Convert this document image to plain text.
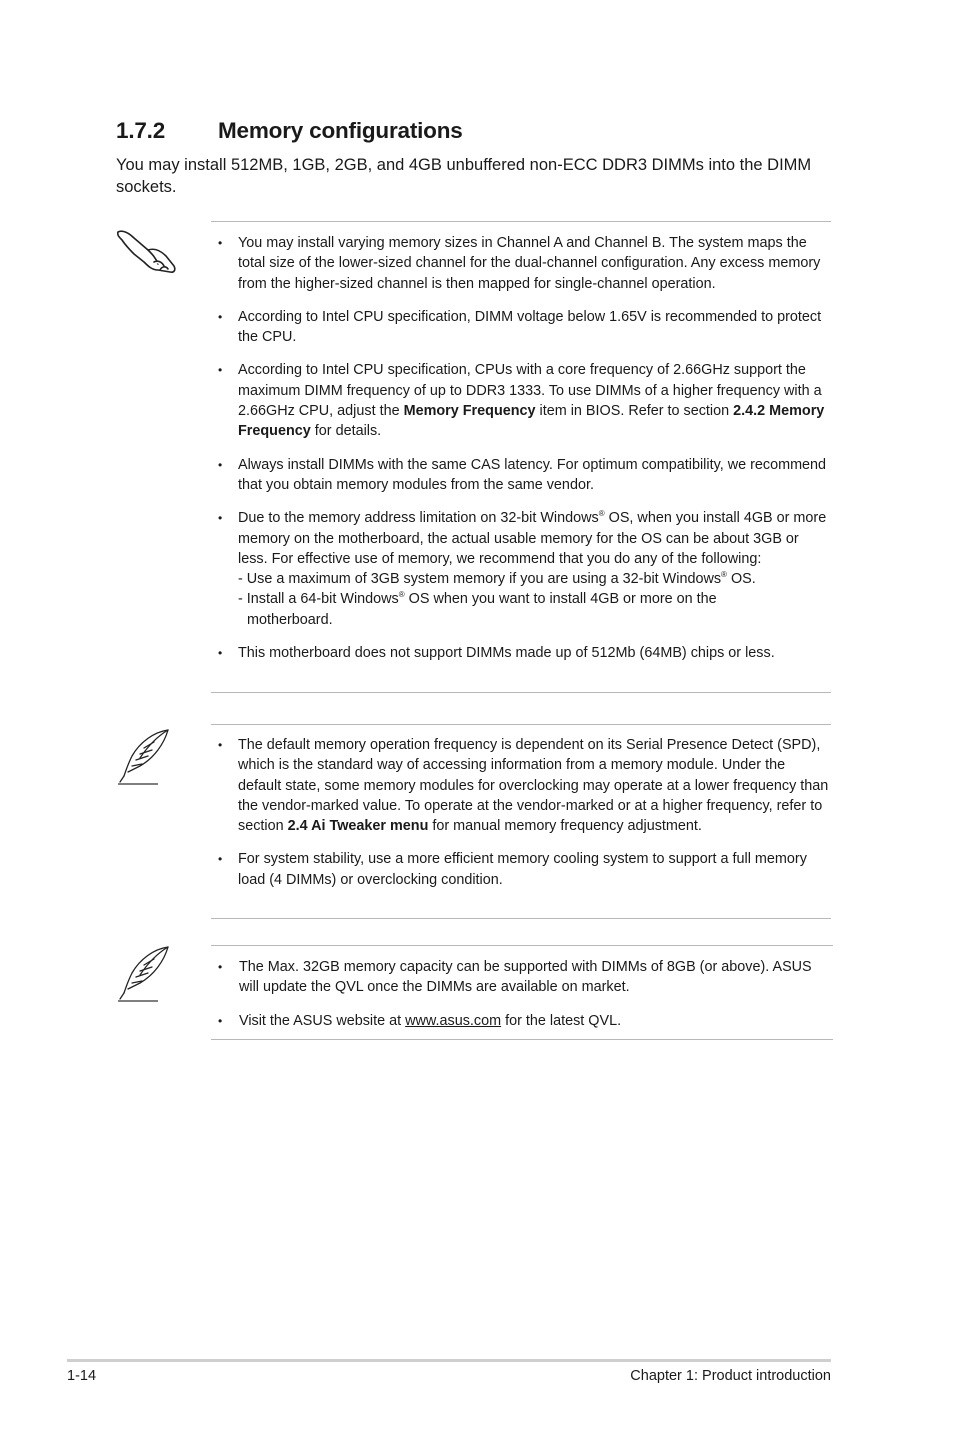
1.7.2 Memory configurations

You may install 512MB, 1GB, 2GB, and 4GB unbuffered non-ECC DDR3 DIMMs into the DIMM sockets.

• You may install varying memory sizes in Channel A and Channel B. The system maps the total size of the lower-sized channel for the dual-channel configuration. Any excess memory from the higher-sized channel is then mapped for single-channel operation.
• According to Intel CPU specification, DIMM voltage below 1.65V is recommended to protect the CPU.
• According to Intel CPU specification, CPUs with a core frequency of 2.66GHz support the maximum DIMM frequency of up to DDR3 1333. To use DIMMs of a higher frequency with a 2.66GHz CPU, adjust the Memory Frequency item in BIOS. Refer to section 2.4.2 Memory Frequency for details.
• Always install DIMMs with the same CAS latency. For optimum compatibility, we recommend that you obtain memory modules from the same vendor.
• Due to the memory address limitation on 32-bit Windows® OS, when you install 4GB or more memory on the motherboard, the actual usable memory for the OS can be about 3GB or less. For effective use of memory, we recommend that you do any of the following:
- Use a maximum of 3GB system memory if you are using a 32-bit Windows® OS.
- Install a 64-bit Windows® OS when you want to install 4GB or more on the
motherboard.
• This motherboard does not support DIMMs made up of 512Mb (64MB) chips or less.
• The default memory operation frequency is dependent on its Serial Presence Detect (SPD), which is the standard way of accessing information from a memory module. Under the default state, some memory modules for overclocking may operate at a lower frequency than the vendor-marked value. To operate at the vendor-marked or at a higher frequency, refer to section 2.4 Ai Tweaker menu for manual memory frequency adjustment.
• For system stability, use a more efficient memory cooling system to support a full memory load (4 DIMMs) or overclocking condition.
• The Max. 32GB memory capacity can be supported with DIMMs of 8GB (or above). ASUS will update the QVL once the DIMMs are available on market.
• Visit the ASUS website at www.asus.com for the latest QVL.
1-14	Chapter 1: Product introduction
